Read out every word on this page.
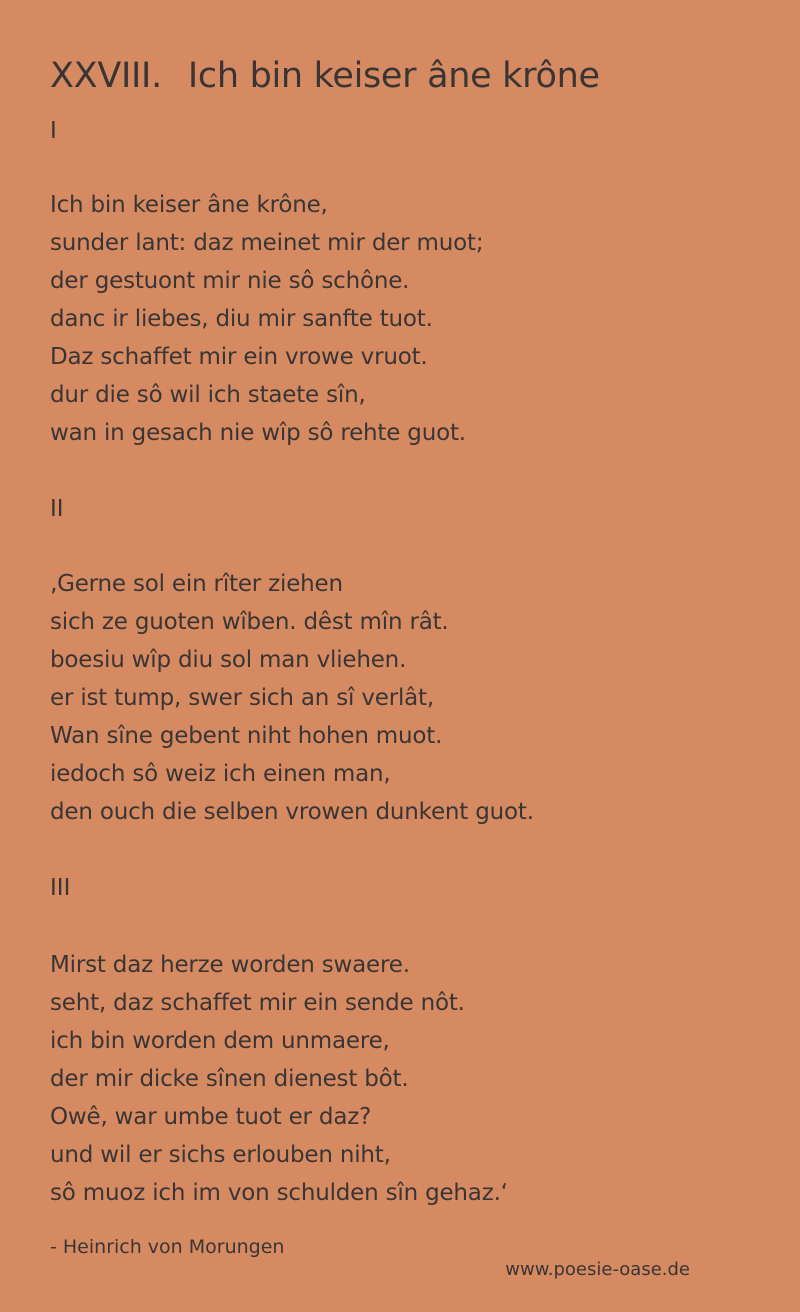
XXVIII. Ich bin keiser âne krône
I
Ich bin keiser âne krône,
sunder lant: daz meinet mir der muot;
der gestuont mir nie sô schône.
danc ir liebes, diu mir sanfte tuot.
Daz schaffet mir ein vrowe vruot.
dur die sô wil ich staete sîn,
wan in gesach nie wîp sô rehte guot.
II
‚Gerne sol ein rîter ziehen
sich ze guoten wîben. dêst mîn rât.
boesiu wîp diu sol man vliehen.
er ist tump, swer sich an sî verlât,
Wan sîne gebent niht hohen muot.
iedoch sô weiz ich einen man,
den ouch die selben vrowen dunkent guot.
III
Mirst daz herze worden swaere.
seht, daz schaffet mir ein sende nôt.
ich bin worden dem unmaere,
der mir dicke sînen dienest bôt.
Owê, war umbe tuot er daz?
und wil er sichs erlouben niht,
sô muoz ich im von schulden sîn gehaz.‘
- Heinrich von Morungen
www.poesie-oase.de
